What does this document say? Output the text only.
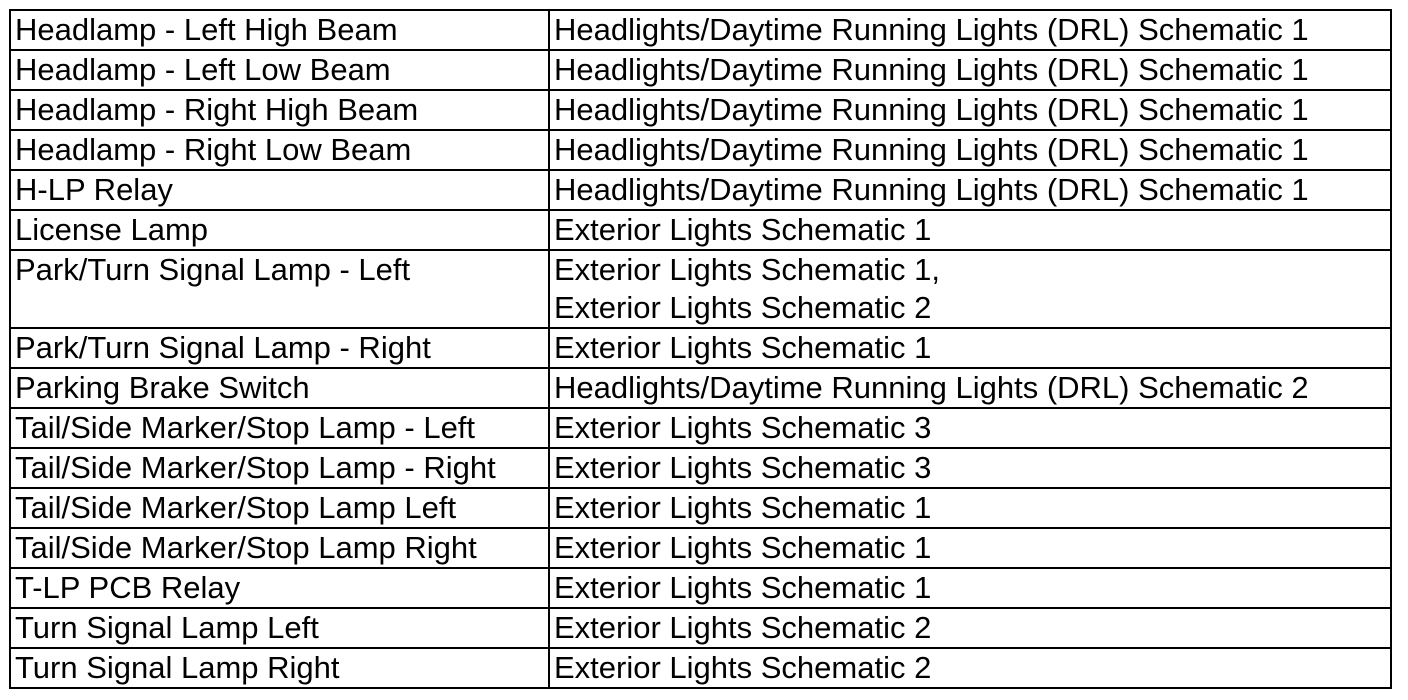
Headlamp - Left High Beam	Headlights/Daytime Running Lights (DRL) Schematic 1

Headlamp - Left Low Beam	Headlights/Daytime Running Lights (DRL) Schematic 1

Headlamp - Right High Beam	Headlights/Daytime Running Lights (DRL) Schematic 1

Headlamp - Right Low Beam	Headlights/Daytime Running Lights (DRL) Schematic 1

H-LP Relay	Headlights/Daytime Running Lights (DRL) Schematic 1

License Lamp	Exterior Lights Schematic 1

Park/Turn Signal Lamp - Left	Exterior Lights Schematic 1,
Exterior Lights Schematic 2

Park/Turn Signal Lamp - Right	Exterior Lights Schematic 1

Parking Brake Switch	Headlights/Daytime Running Lights (DRL) Schematic 2

Tail/Side Marker/Stop Lamp - Left	Exterior Lights Schematic 3

Tail/Side Marker/Stop Lamp - Right	Exterior Lights Schematic 3

Tail/Side Marker/Stop Lamp Left	Exterior Lights Schematic 1

Tail/Side Marker/Stop Lamp Right	Exterior Lights Schematic 1

T-LP PCB Relay	Exterior Lights Schematic 1

Turn Signal Lamp Left	Exterior Lights Schematic 2

Turn Signal Lamp Right	Exterior Lights Schematic 2
